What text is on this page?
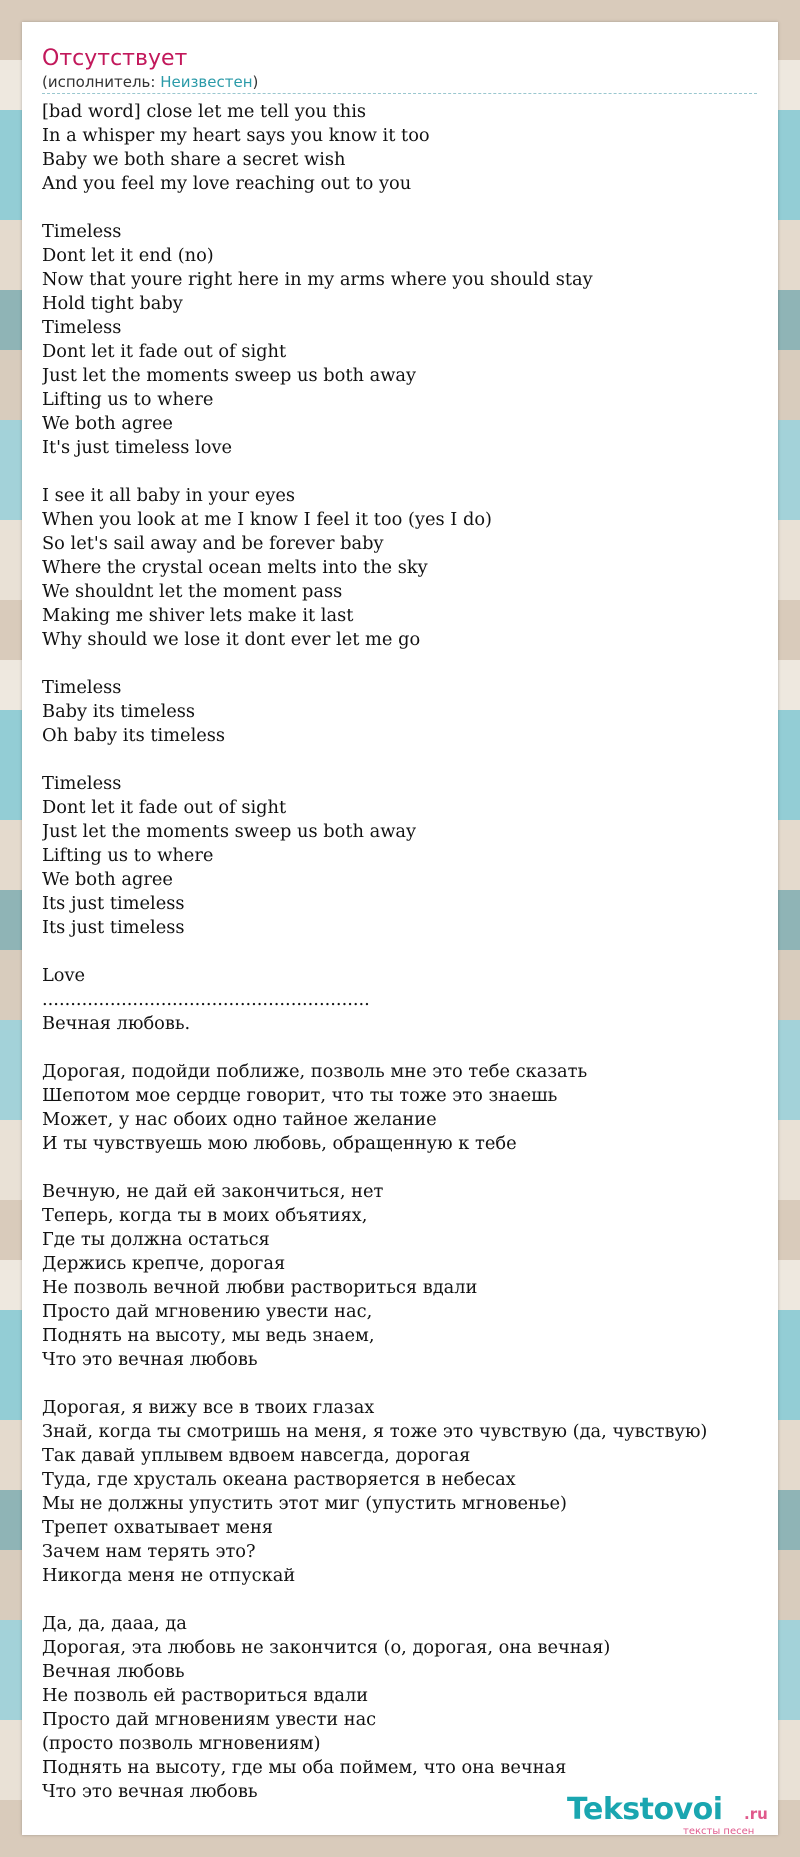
Отсутствует
(исполнитель: Неизвестен)
[bad word] close let me tell you this
In a whisper my heart says you know it too
Baby we both share a secret wish
And you feel my love reaching out to you

Timeless
Dont let it end (no)
Now that youre right here in my arms where you should stay
Hold tight baby
Timeless
Dont let it fade out of sight
Just let the moments sweep us both away
Lifting us to where
We both agree
It's just timeless love

I see it all baby in your eyes
When you look at me I know I feel it too (yes I do)
So let's sail away and be forever baby
Where the crystal ocean melts into the sky
We shouldnt let the moment pass
Making me shiver lets make it last
Why should we lose it dont ever let me go

Timeless
Baby its timeless
Oh baby its timeless

Timeless
Dont let it fade out of sight
Just let the moments sweep us both away
Lifting us to where
We both agree
Its just timeless
Its just timeless

Love
..........................................................
Вечная любовь.

Дорогая, подойди поближе, позволь мне это тебе сказать
Шепотом мое сердце говорит, что ты тоже это знаешь
Может, у нас обоих одно тайное желание
И ты чувствуешь мою любовь, обращенную к тебе

Вечную, не дай ей закончиться, нет
Теперь, когда ты в моих объятиях,
Где ты должна остаться
Держись крепче, дорогая
Не позволь вечной любви раствориться вдали
Просто дай мгновению увести нас,
Поднять на высоту, мы ведь знаем,
Что это вечная любовь

Дорогая, я вижу все в твоих глазах
Знай, когда ты смотришь на меня, я тоже это чувствую (да, чувствую)
Так давай уплывем вдвоем навсегда, дорогая
Туда, где хрусталь океана растворяется в небесах
Мы не должны упустить этот миг (упустить мгновенье)
Трепет охватывает меня
Зачем нам терять это?
Никогда меня не отпускай

Да, да, дааа, да
Дорогая, эта любовь не закончится (о, дорогая, она вечная)
Вечная любовь
Не позволь ей раствориться вдали
Просто дай мгновениям увести нас
(просто позволь мгновениям)
Поднять на высоту, где мы оба поймем, что она вечная
Что это вечная любовь
Tekstovoi .ru
тексты песен
